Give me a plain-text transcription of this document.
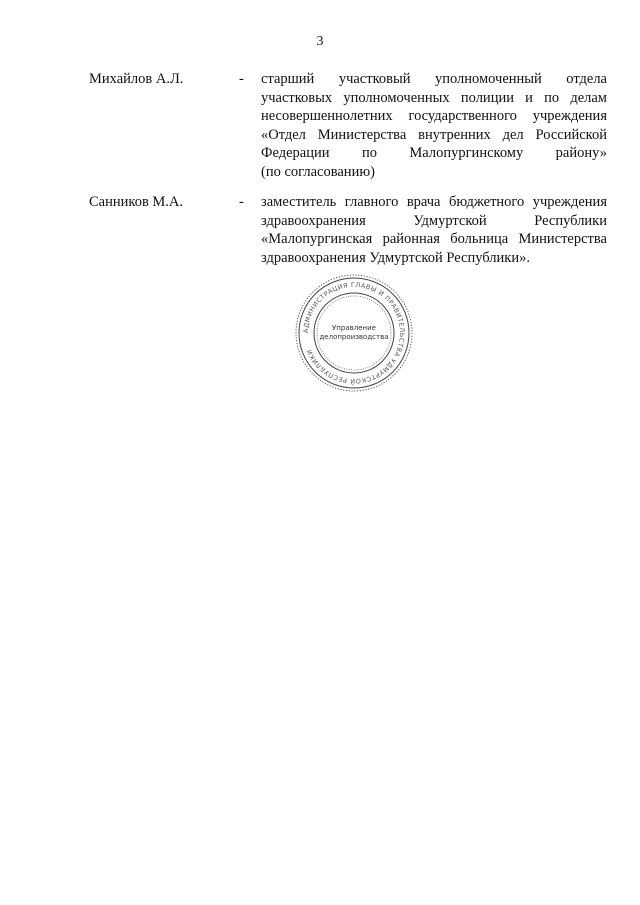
3
Михайлов А.Л.	- старший участковый уполномоченный отдела
участковых уполномоченных полиции и по делам
несовершеннолетних государственного учреждения
«Отдел Министерства внутренних дел Российской
Федерации по Малопургинскому району»
(по согласованию)
Санников М.А.	- заместитель главного врача бюджетного учреждения
здравоохранения	Удмуртской	Республики
«Малопургинская районная больница Министерства
здравоохранения Удмуртской Республики».
АДМИНИСТРАЦИЯ ГЛАВЫ И ПРАВИТЕЛЬСТВА УДМУРТСКОЙ РЕСПУБЛИКИ
Управление
делопроизводства
